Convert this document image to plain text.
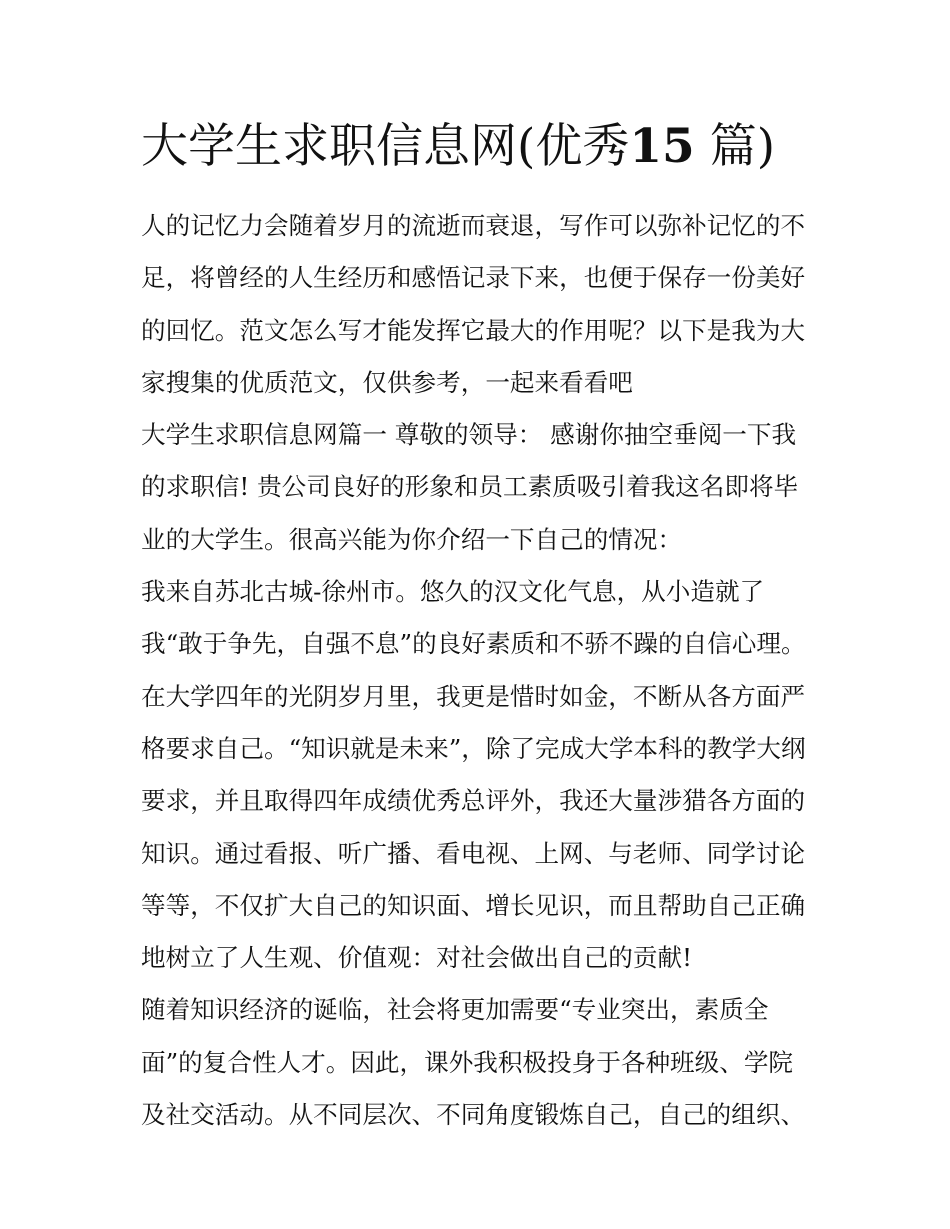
大学生求职信息网(优秀15 篇)
人的记忆力会随着岁月的流逝而衰退，写作可以弥补记忆的不
足，将曾经的人生经历和感悟记录下来，也便于保存一份美好
的回忆。范文怎么写才能发挥它最大的作用呢？以下是我为大
家搜集的优质范文，仅供参考，一起来看看吧
大学生求职信息网篇一 尊敬的领导： 感谢你抽空垂阅一下我
的求职信! 贵公司良好的形象和员工素质吸引着我这名即将毕
业的大学生。很高兴能为你介绍一下自己的情况：
我来自苏北古城-徐州市。悠久的汉文化气息，从小造就了
我“敢于争先，自强不息”的良好素质和不骄不躁的自信心理。
在大学四年的光阴岁月里，我更是惜时如金，不断从各方面严
格要求自己。“知识就是未来”，除了完成大学本科的教学大纲
要求，并且取得四年成绩优秀总评外，我还大量涉猎各方面的
知识。通过看报、听广播、看电视、上网、与老师、同学讨论
等等，不仅扩大自己的知识面、增长见识，而且帮助自己正确
地树立了人生观、价值观：对社会做出自己的贡献!
随着知识经济的诞临，社会将更加需要“专业突出，素质全
面”的复合性人才。因此，课外我积极投身于各种班级、学院
及社交活动。从不同层次、不同角度锻炼自己，自己的组织、
